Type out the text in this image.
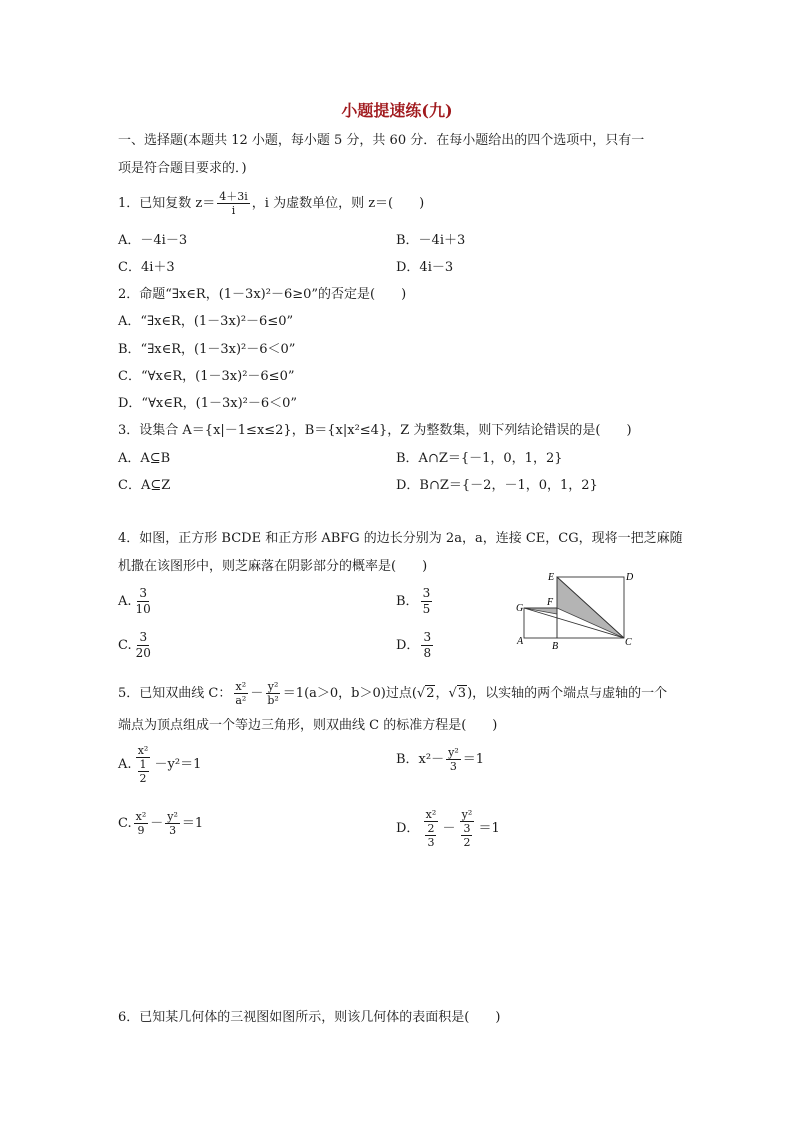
小题提速练(九)
一、选择题(本题共 12 小题，每小题 5 分，共 60 分．在每小题给出的四个选项中，只有一
项是符合题目要求的．)
1．已知复数 $z= \frac{4+3i}{i}$ ，i 为虚数单位，则 z＝(　　)
A．－4i－3	B．－4i＋3
C．4i＋3	D．4i－3
2．命题“∃x∈R，(1－3x)²－6≥0”的否定是(　　)
A．“∃x∈R，(1－3x)²－6≤0”
B．“∃x∈R，(1－3x)²－6＜0”
C．“∀x∈R，(1－3x)²－6≤0”
D．“∀x∈R，(1－3x)²－6＜0”
3．设集合 A＝{x|－1≤x≤2}，B＝{x|x²≤4}，Z 为整数集，则下列结论错误的是(　　)
A．A⊆B	B．A∩Z＝{－1，0，1，2}
C．A⊆Z	D．B∩Z＝{－2，－1，0，1，2}
4．如图，正方形 BCDE 和正方形 ABFG 的边长分别为 2a，a，连接 CE，CG，现将一把芝麻随
机撒在该图形中，则芝麻落在阴影部分的概率是(　　)
A. $\frac{3}{10}$	B． $\frac{3}{5}$
C. $\frac{3}{20}$	D． $\frac{3}{8}$
E	D
G
F
A	B	C
5．已知双曲线 C： $\frac{\text{x²}}{\text{a²}} - \frac{\text{y²}}{\text{b²}} =1(a>0$，b＞0)过点(√2，√3)，以实轴的两个端点与虚轴的一个
端点为顶点组成一个等边三角形，则双曲线 C 的标准方程是(　　)
A. $\frac{\text{x²}}{\frac{1}{2}} -y^2=1$	B．$x^2- \frac{\text{y²}}{3} =1$
C. $\frac{\text{x²}}{9} - \frac{\text{y²}}{3} =1$	D． $\frac{\text{x²}}{\frac{2}{3}} - \frac{\text{y²}}{\frac{3}{2}} =1$
6．已知某几何体的三视图如图所示，则该几何体的表面积是(　　)
